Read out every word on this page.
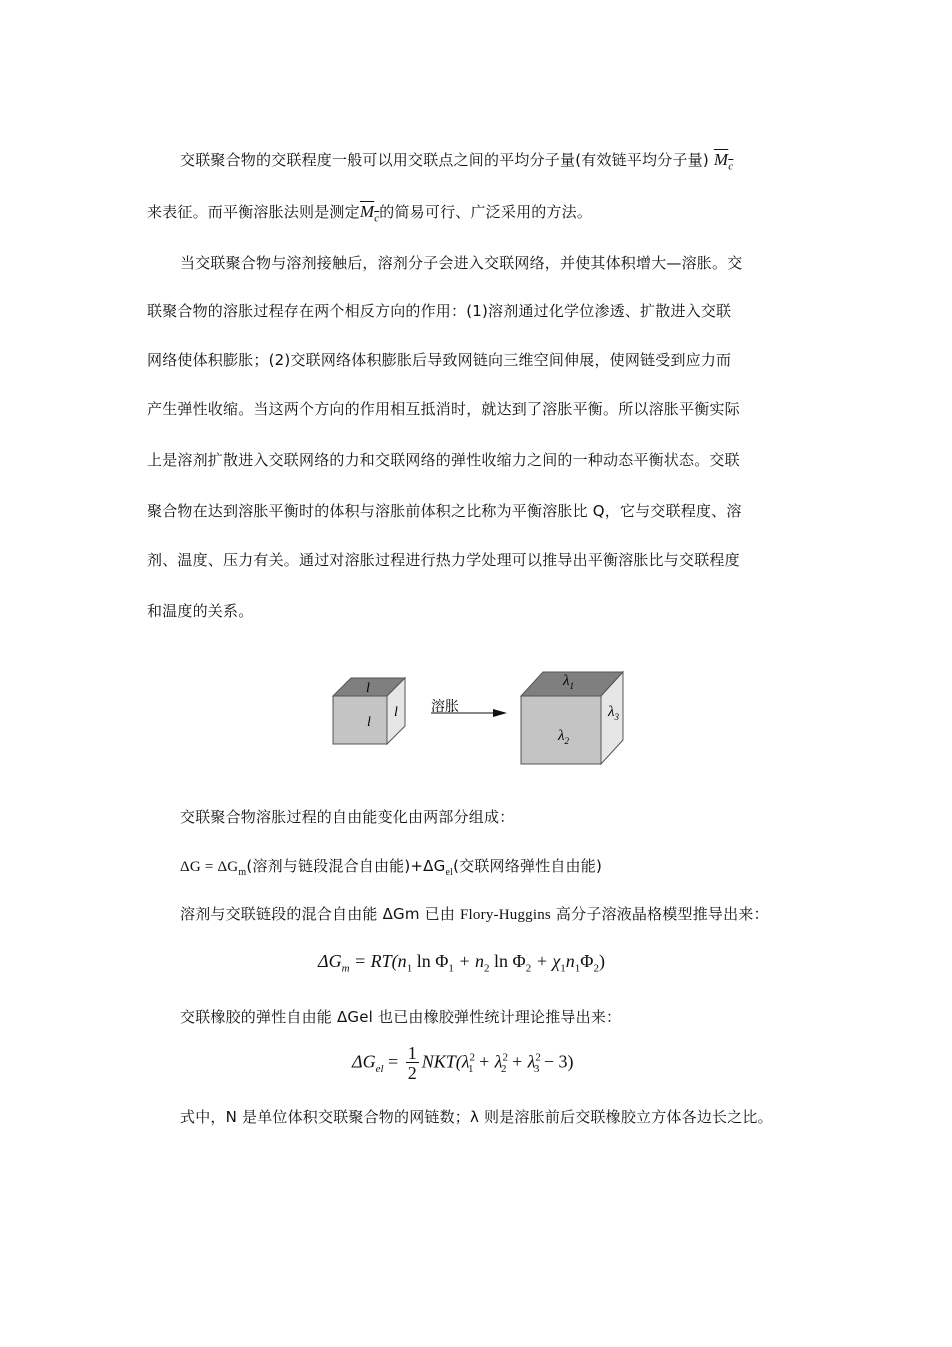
交联聚合物的交联程度一般可以用交联点之间的平均分子量(有效链平均分子量) $M_c$
来表征。而平衡溶胀法则是测定$M_c$的简易可行、广泛采用的方法。
当交联聚合物与溶剂接触后，溶剂分子会进入交联网络，并使其体积增大—溶胀。交
联聚合物的溶胀过程存在两个相反方向的作用：(1)溶剂通过化学位渗透、扩散进入交联
网络使体积膨胀；(2)交联网络体积膨胀后导致网链向三维空间伸展，使网链受到应力而
产生弹性收缩。当这两个方向的作用相互抵消时，就达到了溶胀平衡。所以溶胀平衡实际
上是溶剂扩散进入交联网络的力和交联网络的弹性收缩力之间的一种动态平衡状态。交联
聚合物在达到溶胀平衡时的体积与溶胀前体积之比称为平衡溶胀比 Q，它与交联程度、溶
剂、温度、压力有关。通过对溶胀过程进行热力学处理可以推导出平衡溶胀比与交联程度
和温度的关系。
l
l
l
溶胀
$\lambda_1$
$\lambda_2$
$\lambda_3$
交联聚合物溶胀过程的自由能变化由两部分组成：
$\Delta G = \Delta G_m$(溶剂与链段混合自由能)$+\Delta G_{el}$(交联网络弹性自由能)
溶剂与交联链段的混合自由能 ΔGm 已由 Flory-Huggins 高分子溶液晶格模型推导出来：
$\Delta G_m = RT(n_1$ $\ln \Phi_1 + n_2$ $\ln \Phi_2 + \chi_1n_1\Phi_2$)
交联橡胶的弹性自由能 ΔGel 也已由橡胶弹性统计理论推导出来：
$\Delta G_{el} = \frac{1}{2} NKT(\lambda^2_1 + \lambda^2_2 + \lambda^2_3 - 3)$
式中，N 是单位体积交联聚合物的网链数；λ 则是溶胀前后交联橡胶立方体各边长之比。
